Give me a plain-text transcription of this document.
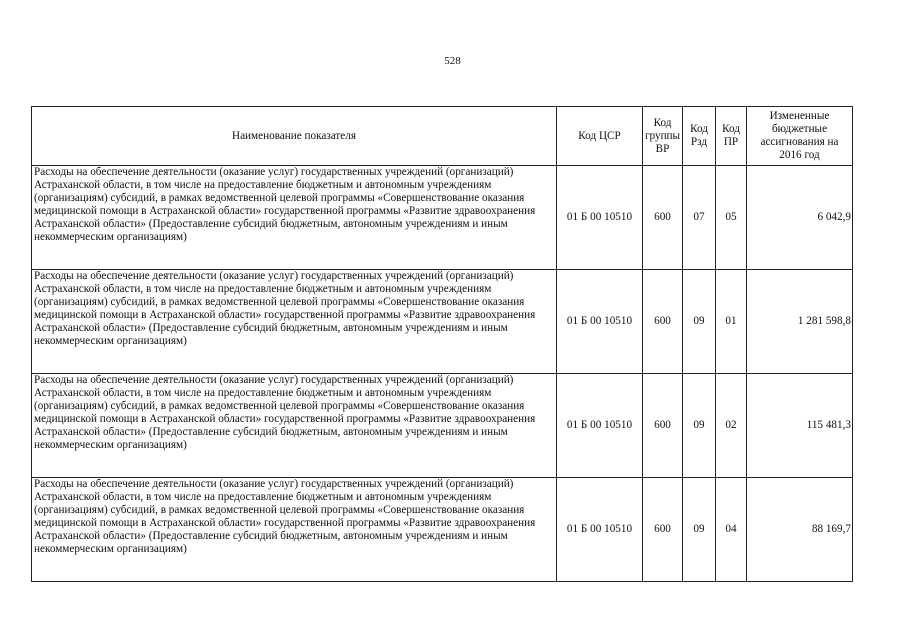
528
Наименование показателя	Код ЦСР	Код группы ВР	Код Рзд	Код ПР	Измененные бюджетные ассигнования на 2016 год
Расходы на обеспечение деятельности (оказание услуг) государственных учреждений (организаций) Астраханской области, в том числе на предоставление бюджетным и автономным учреждениям (организациям) субсидий, в рамках ведомственной целевой программы «Совершенствование оказания медицинской помощи в Астраханской области» государственной программы «Развитие здравоохранения Астраханской области» (Предоставление субсидий бюджетным, автономным учреждениям и иным некоммерческим организациям)	01 Б 00 10510	600	07	05	6 042,9
Расходы на обеспечение деятельности (оказание услуг) государственных учреждений (организаций) Астраханской области, в том числе на предоставление бюджетным и автономным учреждениям (организациям) субсидий, в рамках ведомственной целевой программы «Совершенствование оказания медицинской помощи в Астраханской области» государственной программы «Развитие здравоохранения Астраханской области» (Предоставление субсидий бюджетным, автономным учреждениям и иным некоммерческим организациям)	01 Б 00 10510	600	09	01	1 281 598,8
Расходы на обеспечение деятельности (оказание услуг) государственных учреждений (организаций) Астраханской области, в том числе на предоставление бюджетным и автономным учреждениям (организациям) субсидий, в рамках ведомственной целевой программы «Совершенствование оказания медицинской помощи в Астраханской области» государственной программы «Развитие здравоохранения Астраханской области» (Предоставление субсидий бюджетным, автономным учреждениям и иным некоммерческим организациям)	01 Б 00 10510	600	09	02	115 481,3
Расходы на обеспечение деятельности (оказание услуг) государственных учреждений (организаций) Астраханской области, в том числе на предоставление бюджетным и автономным учреждениям (организациям) субсидий, в рамках ведомственной целевой программы «Совершенствование оказания медицинской помощи в Астраханской области» государственной программы «Развитие здравоохранения Астраханской области» (Предоставление субсидий бюджетным, автономным учреждениям и иным некоммерческим организациям)	01 Б 00 10510	600	09	04	88 169,7
